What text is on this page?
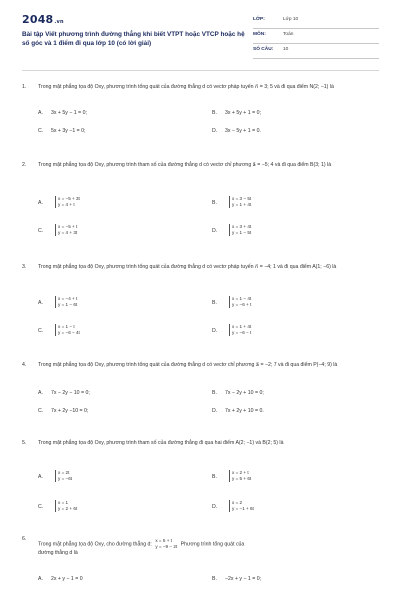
2048.vn
Bài tập Viết phương trình đường thẳng khi biết VTPT hoặc VTCP hoặc hệ số góc và 1 điểm đi qua lớp 10 (có lời giải)
LỚP:	Lớp 10
MÔN:	Toán
SỐ CÂU: 10
1. Trong mặt phẳng tọa độ Oxy, phương trình tổng quát của đường thẳng d có vectơ pháp tuyến n⃗ = 3; 5 và đi qua điểm N(2; −1) là
A. 3x + 5y − 1 = 0;	B. 3x + 5y + 1 = 0;
C. 5x + 3y −1 = 0;	D. 3x − 5y + 1 = 0.
2. Trong mặt phẳng tọa độ Oxy, phương trình tham số của đường thẳng d có vectơ chỉ phương a⃗ = −5; 4 và đi qua điểm B(3; 1) là
A.
x = −5 + 3t
y = 4 + t	B.
x = 3 − 5t
y = 1 + 4t
C.
x = −5 + t
y = 4 + 3t	D.
x = 3 + 4t
y = 1 − 5t
3. Trong mặt phẳng tọa độ Oxy, phương trình tổng quát của đường thẳng d có vectơ pháp tuyến n⃗ = −4; 1 và đi qua điểm A(1; −6) là
A.
x = −4 + t
y = 1 − 6t	B.
x = 1 − 4t
y = −6 + t
C.
x = 1 − t
y = −6 − 4t	D.
x = 1 + 4t
y = −6 − t
4. Trong mặt phẳng tọa độ Oxy, phương trình tổng quát của đường thẳng d có vectơ chỉ phương a⃗ = −2; 7 và đi qua điểm P(−4; 9) là
A. 7x − 2y − 10 = 0;	B. 7x − 2y + 10 = 0;
C. 7x + 2y −10 = 0;	D. 7x + 2y + 10 = 0.
5. Trong mặt phẳng tọa độ Oxy, phương trình tham số của đường thẳng đi qua hai điểm A(2; −1) và B(2; 5) là
A.
x = 2t
y = −6t	B.
x = 2 + t
y = 5 + 6t
C.
x = 1
y = 2 + 6t	D.
x = 2
y = −1 + 6t
6.
Trong mặt phẳng tọa độ Oxy, cho đường thẳng d:
x = 5 + t
y = −9 − 2t Phương trình tổng quát của
đường thẳng d là
A. 2x + y − 1 = 0	B. −2x + y − 1 = 0;
